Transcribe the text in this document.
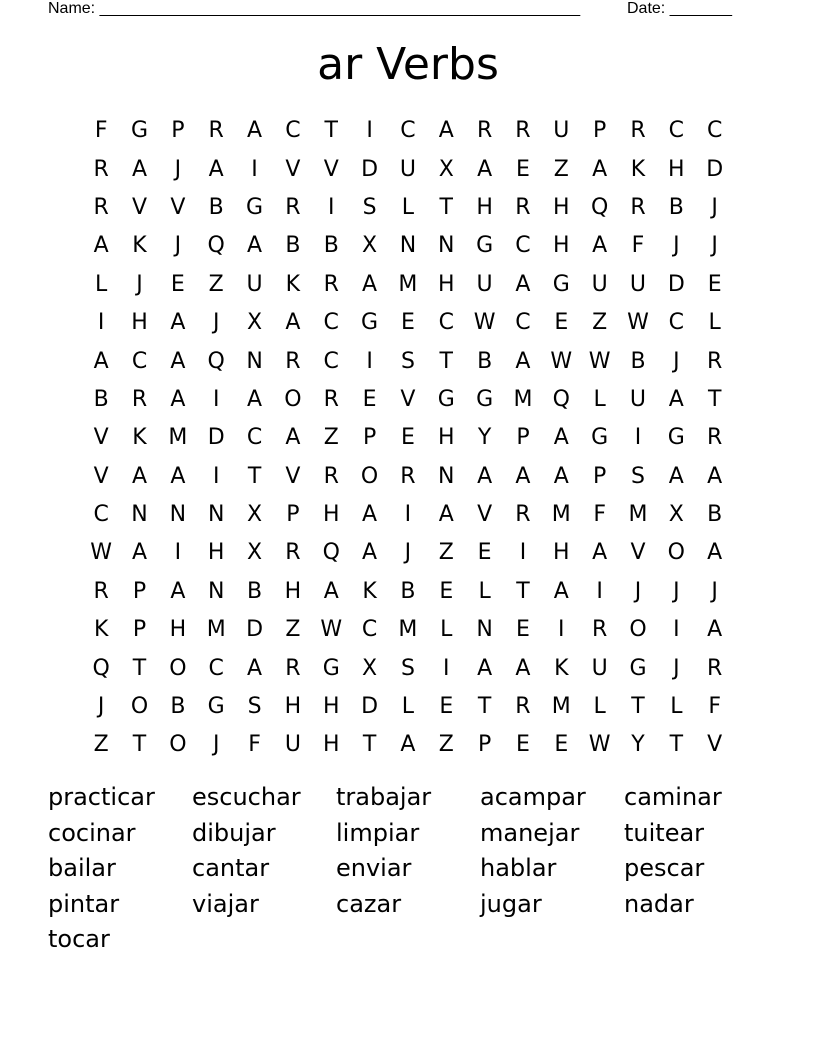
Name: ______________________________________________________	Date: _______
ar Verbs
F	G	P	R	A	C	T	I	C	A	R	R	U	P	R	C	C
R	A	J	A	I	V	V	D U	X	A	E	Z	A	K	H D
R	V	V	B	G	R	I	S	L	T	H	R	H Q	R	B	J
A	K	J	Q	A	B	B	X	N N G	C	H	A	F	J	J
L	J	E	Z	U	K	R	A M H	U	A	G U	U D	E
I	H	A	J	X	A	C	G	E	C W C	E	Z W C	L
A	C	A	Q N	R	C	I	S	T	B	A W W B	J	R
B	R	A	I	A	O	R	E	V	G G M Q	L	U	A	T
V	K M D	C	A	Z	P	E	H	Y	P	A	G	I	G	R
V	A	A	I	T	V	R	O	R	N	A	A	A	P	S	A	A
C	N N N	X	P	H	A	I	A	V	R M	F	M X	B
W A	I	H	X	R	Q	A	J	Z	E	I	H	A	V	O	A
R	P	A	N	B	H	A	K	B	E	L	T	A	I	J	J	J
K	P	H M D	Z W C M	L	N	E	I	R	O	I	A
Q	T	O	C	A	R	G	X	S	I	A	A	K	U G	J	R
J	O	B	G	S	H H D	L	E	T	R M	L	T	L	F
Z	T	O	J	F	U	H	T	A	Z	P	E	E W Y	T	V
practicar	escuchar	trabajar	acampar	caminar
cocinar	dibujar	limpiar	manejar	tuitear
bailar	cantar	enviar	hablar	pescar
pintar	viajar	cazar	jugar	nadar
tocar
